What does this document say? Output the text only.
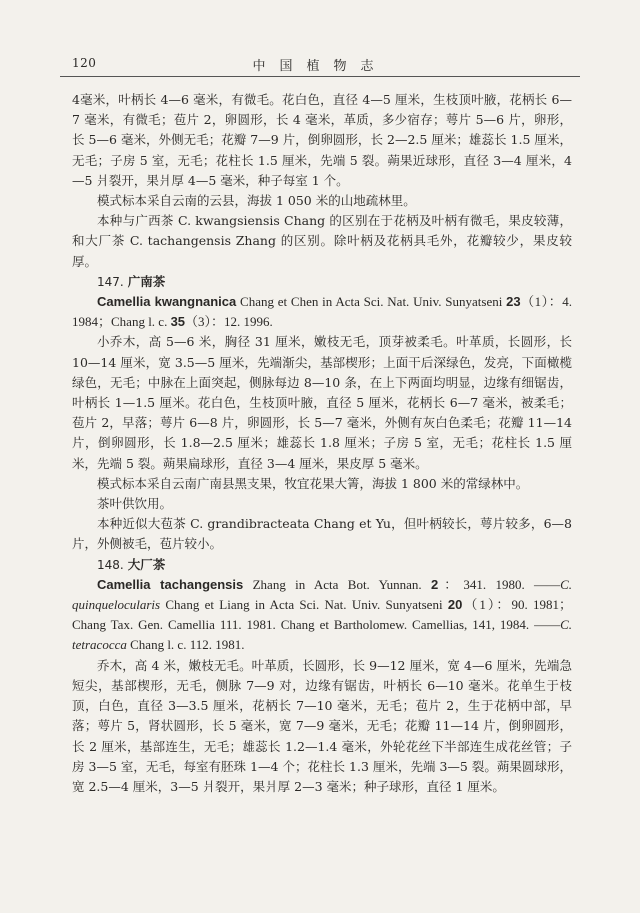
120	中国植物志

4毫米，叶柄长 4—6 毫米，有微毛。花白色，直径 4—5 厘米，生枝顶叶腋，花柄长 6—7 毫米，有微毛；苞片 2，卵圆形，长 4 毫米，革质，多少宿存；萼片 5—6 片，卵形，长 5—6 毫米，外侧无毛；花瓣 7—9 片，倒卵圆形，长 2—2.5 厘米；雄蕊长 1.5 厘米，无毛；子房 5 室，无毛；花柱长 1.5 厘米，先端 5 裂。蒴果近球形，直径 3—4 厘米，4—5 爿裂开，果爿厚 4—5 毫米，种子每室 1 个。

模式标本采自云南的云县，海拔 1 050 米的山地疏林里。

本种与广西茶 C. kwangsiensis Chang 的区别在于花柄及叶柄有微毛，果皮较薄，和大厂茶 C. tachangensis Zhang 的区别。除叶柄及花柄具毛外，花瓣较少，果皮较厚。

147. 广南茶

Camellia kwangnanica Chang et Chen in Acta Sci. Nat. Univ. Sunyatseni 23（1）：4. 1984；Chang l. c. 35（3）：12. 1996.

小乔木，高 5—6 米，胸径 31 厘米，嫩枝无毛，顶芽被柔毛。叶革质，长圆形，长 10—14 厘米，宽 3.5—5 厘米，先端渐尖，基部楔形；上面干后深绿色，发亮，下面橄榄绿色，无毛；中脉在上面突起，侧脉每边 8—10 条，在上下两面均明显，边缘有细锯齿，叶柄长 1—1.5 厘米。花白色，生枝顶叶腋，直径 5 厘米，花柄长 6—7 毫米，被柔毛；苞片 2，早落；萼片 6—8 片，卵圆形，长 5—7 毫米，外侧有灰白色柔毛；花瓣 11—14 片，倒卵圆形，长 1.8—2.5 厘米；雄蕊长 1.8 厘米；子房 5 室，无毛；花柱长 1.5 厘米，先端 5 裂。蒴果扁球形，直径 3—4 厘米，果皮厚 5 毫米。

模式标本采自云南广南县黑支果，牧宜花果大箐，海拔 1 800 米的常绿林中。

茶叶供饮用。

本种近似大苞茶 C. grandibracteata Chang et Yu，但叶柄较长，萼片较多，6—8 片，外侧被毛，苞片较小。

148. 大厂茶

Camellia tachangensis Zhang in Acta Bot. Yunnan. 2：341. 1980. ——C. quinquelocularis Chang et Liang in Acta Sci. Nat. Univ. Sunyatseni 20（1）：90. 1981；Chang Tax. Gen. Camellia 111. 1981. Chang et Bartholomew. Camellias, 141, 1984. ——C. tetracocca Chang l. c. 112. 1981.

乔木，高 4 米，嫩枝无毛。叶革质，长圆形，长 9—12 厘米，宽 4—6 厘米，先端急短尖，基部楔形，无毛，侧脉 7—9 对，边缘有锯齿，叶柄长 6—10 毫米。花单生于枝顶，白色，直径 3—3.5 厘米，花柄长 7—10 毫米，无毛；苞片 2，生于花柄中部，早落；萼片 5，肾状圆形，长 5 毫米，宽 7—9 毫米，无毛；花瓣 11—14 片，倒卵圆形，长 2 厘米，基部连生，无毛；雄蕊长 1.2—1.4 毫米，外轮花丝下半部连生成花丝管；子房 3—5 室，无毛，每室有胚珠 1—4 个；花柱长 1.3 厘米，先端 3—5 裂。蒴果圆球形，宽 2.5—4 厘米，3—5 爿裂开，果爿厚 2—3 毫米；种子球形，直径 1 厘米。
